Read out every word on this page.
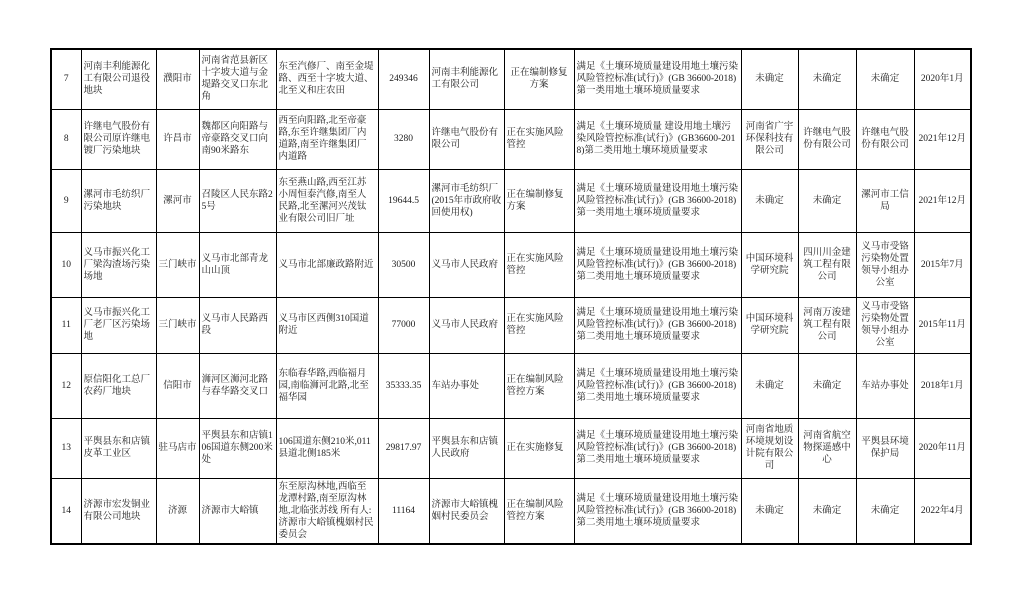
7	河南丰利能源化工有限公司退役地块	濮阳市	河南省范县新区十字坡大道与金堤路交叉口东北角	东至汽修厂、南至金堤路、西至十字坡大道、北至义和庄农田	249346	河南丰利能源化工有限公司	正在编制修复方案	满足《土壤环境质量建设用地土壤污染风险管控标准(试行)》(GB 36600-2018)第一类用地土壤环境质量要求	未确定	未确定	未确定	2020年1月
8	许继电气股份有限公司原许继电镀厂污染地块	许昌市	魏都区向阳路与帝豪路交叉口向南90米路东	西至向阳路,北至帝豪路,东至许继集团厂内道路,南至许继集团厂内道路	3280	许继电气股份有限公司	正在实施风险管控	满足《土壤环境质量 建设用地土壤污染风险管控标准(试行)》(GB36600-2018)第二类用地土壤环境质量要求	河南省广宇环保科技有限公司	许继电气股份有限公司	许继电气股份有限公司	2021年12月
9	漯河市毛纺织厂污染地块	漯河市	召陵区人民东路25号	东至燕山路,西至江苏小周恒泰汽修,南至人民路,北至漯河兴茂钛业有限公司旧厂址	19644.5	漯河市毛纺织厂(2015年市政府收回使用权)	正在编制修复方案	满足《土壤环境质量建设用地土壤污染风险管控标准(试行)》(GB 36600-2018)第一类用地土壤环境质量要求	未确定	未确定	漯河市工信局	2021年12月
10	义马市振兴化工厂梁沟渣场污染场地	三门峡市	义马市北部青龙山山顶	义马市北部廉政路附近	30500	义马市人民政府	正在实施风险管控	满足《土壤环境质量建设用地土壤污染风险管控标准(试行)》(GB 36600-2018)第二类用地土壤环境质量要求	中国环境科学研究院	四川川金建筑工程有限公司	义马市受铬污染物处置领导小组办公室	2015年7月
11	义马市振兴化工厂老厂区污染场地	三门峡市	义马市人民路西段	义马市区西侧310国道附近	77000	义马市人民政府	正在实施风险管控	满足《土壤环境质量建设用地土壤污染风险管控标准(试行)》(GB 36600-2018)第二类用地土壤环境质量要求	中国环境科学研究院	河南万浚建筑工程有限公司	义马市受铬污染物处置领导小组办公室	2015年11月
12	原信阳化工总厂农药厂地块	信阳市	浉河区浉河北路与春华路交叉口	东临春华路,西临福月园,南临浉河北路,北至福华园	35333.35	车站办事处	正在编制风险管控方案	满足《土壤环境质量建设用地土壤污染风险管控标准(试行)》(GB 36600-2018)第二类用地土壤环境质量要求	未确定	未确定	车站办事处	2018年1月
13	平舆县东和店镇皮革工业区	驻马店市	平舆县东和店镇106国道东侧200米处	106国道东侧210米,011县道北侧185米	29817.97	平舆县东和店镇人民政府	正在实施修复	满足《土壤环境质量建设用地土壤污染风险管控标准(试行)》(GB 36600-2018)第二类用地土壤环境质量要求	河南省地质环境规划设计院有限公司	河南省航空物探遥感中心	平舆县环境保护局	2020年11月
14	济源市宏发铜业有限公司地块	济源	济源市大峪镇	东至原沟林地,西临至龙潭村路,南至原沟林地,北临张苏线 所有人:济源市大峪镇槐姻村民委员会	11164	济源市大峪镇槐姻村民委员会	正在编制风险管控方案	满足《土壤环境质量建设用地土壤污染风险管控标准(试行)》(GB 36600-2018)第二类用地土壤环境质量要求	未确定	未确定	未确定	2022年4月
